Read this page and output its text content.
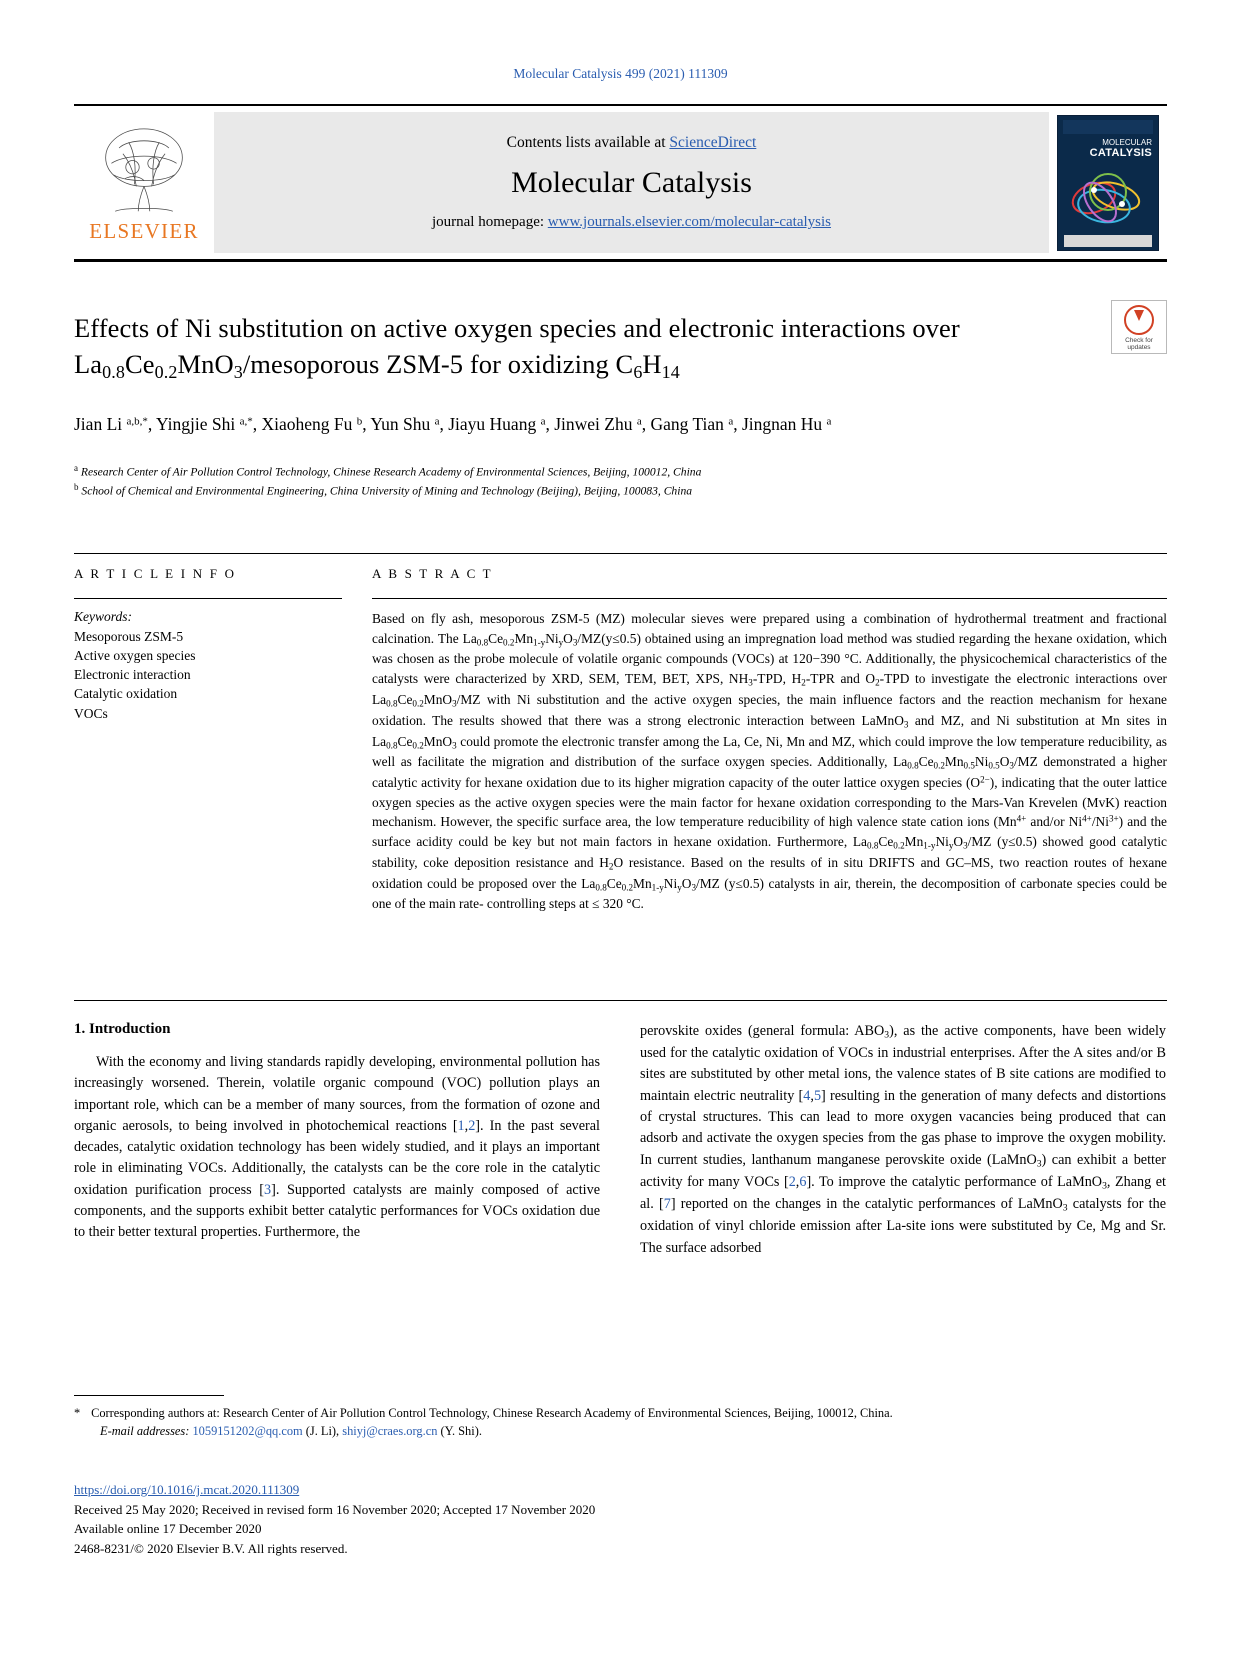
Molecular Catalysis 499 (2021) 111309
ELSEVIER
Contents lists available at ScienceDirect
Molecular Catalysis
journal homepage: www.journals.elsevier.com/molecular-catalysis
MOLECULAR
CATALYSIS
Check for
updates
Effects of Ni substitution on active oxygen species and electronic interactions over $La_{0.8}Ce_{0.2}MnO_3$/mesoporous ZSM-5 for oxidizing $C_6H_{14}$
Jian Li $^{a,b,*}$, Yingjie Shi $^{a,*}$, Xiaoheng Fu $^b$, Yun Shu $^a$, Jiayu Huang $^a$, Jinwei Zhu $^a$, Gang Tian $^a$, Jingnan Hu $^a$
$^a$ Research Center of Air Pollution Control Technology, Chinese Research Academy of Environmental Sciences, Beijing, 100012, China
$^b$ School of Chemical and Environmental Engineering, China University of Mining and Technology (Beijing), Beijing, 100083, China
A R T I C L E I N F O
Keywords:
Mesoporous ZSM-5
Active oxygen species
Electronic interaction
Catalytic oxidation
VOCs
A B S T R A C T
Based on fly ash, mesoporous ZSM-5 (MZ) molecular sieves were prepared using a combination of hydrothermal treatment and fractional calcination. The $La_{0.8}Ce_{0.2}Mn_{1-y}Ni_yO_3/MZ(y\le 0.5)$ obtained using an impregnation load method was studied regarding the hexane oxidation, which was chosen as the probe molecule of volatile organic compounds (VOCs) at 120−390 °C. Additionally, the physicochemical characteristics of the catalysts were characterized by XRD, SEM, TEM, BET, XPS, $NH_3$-TPD, $H_2$-TPR and $O_2$-TPD to investigate the electronic interactions over $La_{0.8}Ce_{0.2}MnO_3/MZ$ with Ni substitution and the active oxygen species, the main influence factors and the reaction mechanism for hexane oxidation. The results showed that there was a strong electronic interaction between LaMnO$_3$ and MZ, and Ni substitution at Mn sites in $La_{0.8}Ce_{0.2}MnO_3$ could promote the electronic transfer among the La, Ce, Ni, Mn and MZ, which could improve the low temperature reducibility, as well as facilitate the migration and distribution of the surface oxygen species. Additionally, $La_{0.8}Ce_{0.2}Mn_{0.5}Ni_{0.5}O_3/MZ$ demonstrated a higher catalytic activity for hexane oxidation due to its higher migration capacity of the outer lattice oxygen species $(O^{2-})$, indicating that the outer lattice oxygen species as the active oxygen species were the main factor for hexane oxidation corresponding to the Mars-Van Krevelen (MvK) reaction mechanism. However, the specific surface area, the low temperature reducibility of high valence state cation ions ($Mn^{4+}$ and/or $Ni^{4+}/Ni^{3+}$) and the surface acidity could be key but not main factors in hexane oxidation. Furthermore, $La_{0.8}Ce_{0.2}Mn_{1-y}Ni_yO_3/MZ$ (y≤0.5) showed good catalytic stability, coke deposition resistance and $H_2O$ resistance. Based on the results of in situ DRIFTS and GC–MS, two reaction routes of hexane oxidation could be proposed over the $La_{0.8}Ce_{0.2}Mn_{1-y}Ni_yO_3/MZ$ (y≤0.5) catalysts in air, therein, the decomposition of carbonate species could be one of the main rate- controlling steps at ≤ 320 °C.
1. Introduction

With the economy and living standards rapidly developing, environmental pollution has increasingly worsened. Therein, volatile organic compound (VOC) pollution plays an important role, which can be a member of many sources, from the formation of ozone and organic aerosols, to being involved in photochemical reactions [1,2]. In the past several decades, catalytic oxidation technology has been widely studied, and it plays an important role in eliminating VOCs. Additionally, the catalysts can be the core role in the catalytic oxidation purification process [3]. Supported catalysts are mainly composed of active components, and the supports exhibit better catalytic performances for VOCs oxidation due to their better textural properties. Furthermore, the

perovskite oxides (general formula: $ABO_3$), as the active components, have been widely used for the catalytic oxidation of VOCs in industrial enterprises. After the A sites and/or B sites are substituted by other metal ions, the valence states of B site cations are modified to maintain electric neutrality [4,5] resulting in the generation of many defects and distortions of crystal structures. This can lead to more oxygen vacancies being produced that can adsorb and activate the oxygen species from the gas phase to improve the oxygen mobility. In current studies, lanthanum manganese perovskite oxide (LaMnO$_3$) can exhibit a better activity for many VOCs [2,6]. To improve the catalytic performance of LaMnO$_3$, Zhang et al. [7] reported on the changes in the catalytic performances of LaMnO$_3$ catalysts for the oxidation of vinyl chloride emission after La-site ions were substituted by Ce, Mg and Sr. The surface adsorbed

* Corresponding authors at: Research Center of Air Pollution Control Technology, Chinese Research Academy of Environmental Sciences, Beijing, 100012, China.
E-mail addresses: 1059151202@qq.com (J. Li), shiyj@craes.org.cn (Y. Shi).
https://doi.org/10.1016/j.mcat.2020.111309
Received 25 May 2020; Received in revised form 16 November 2020; Accepted 17 November 2020
Available online 17 December 2020
2468-8231/© 2020 Elsevier B.V. All rights reserved.
